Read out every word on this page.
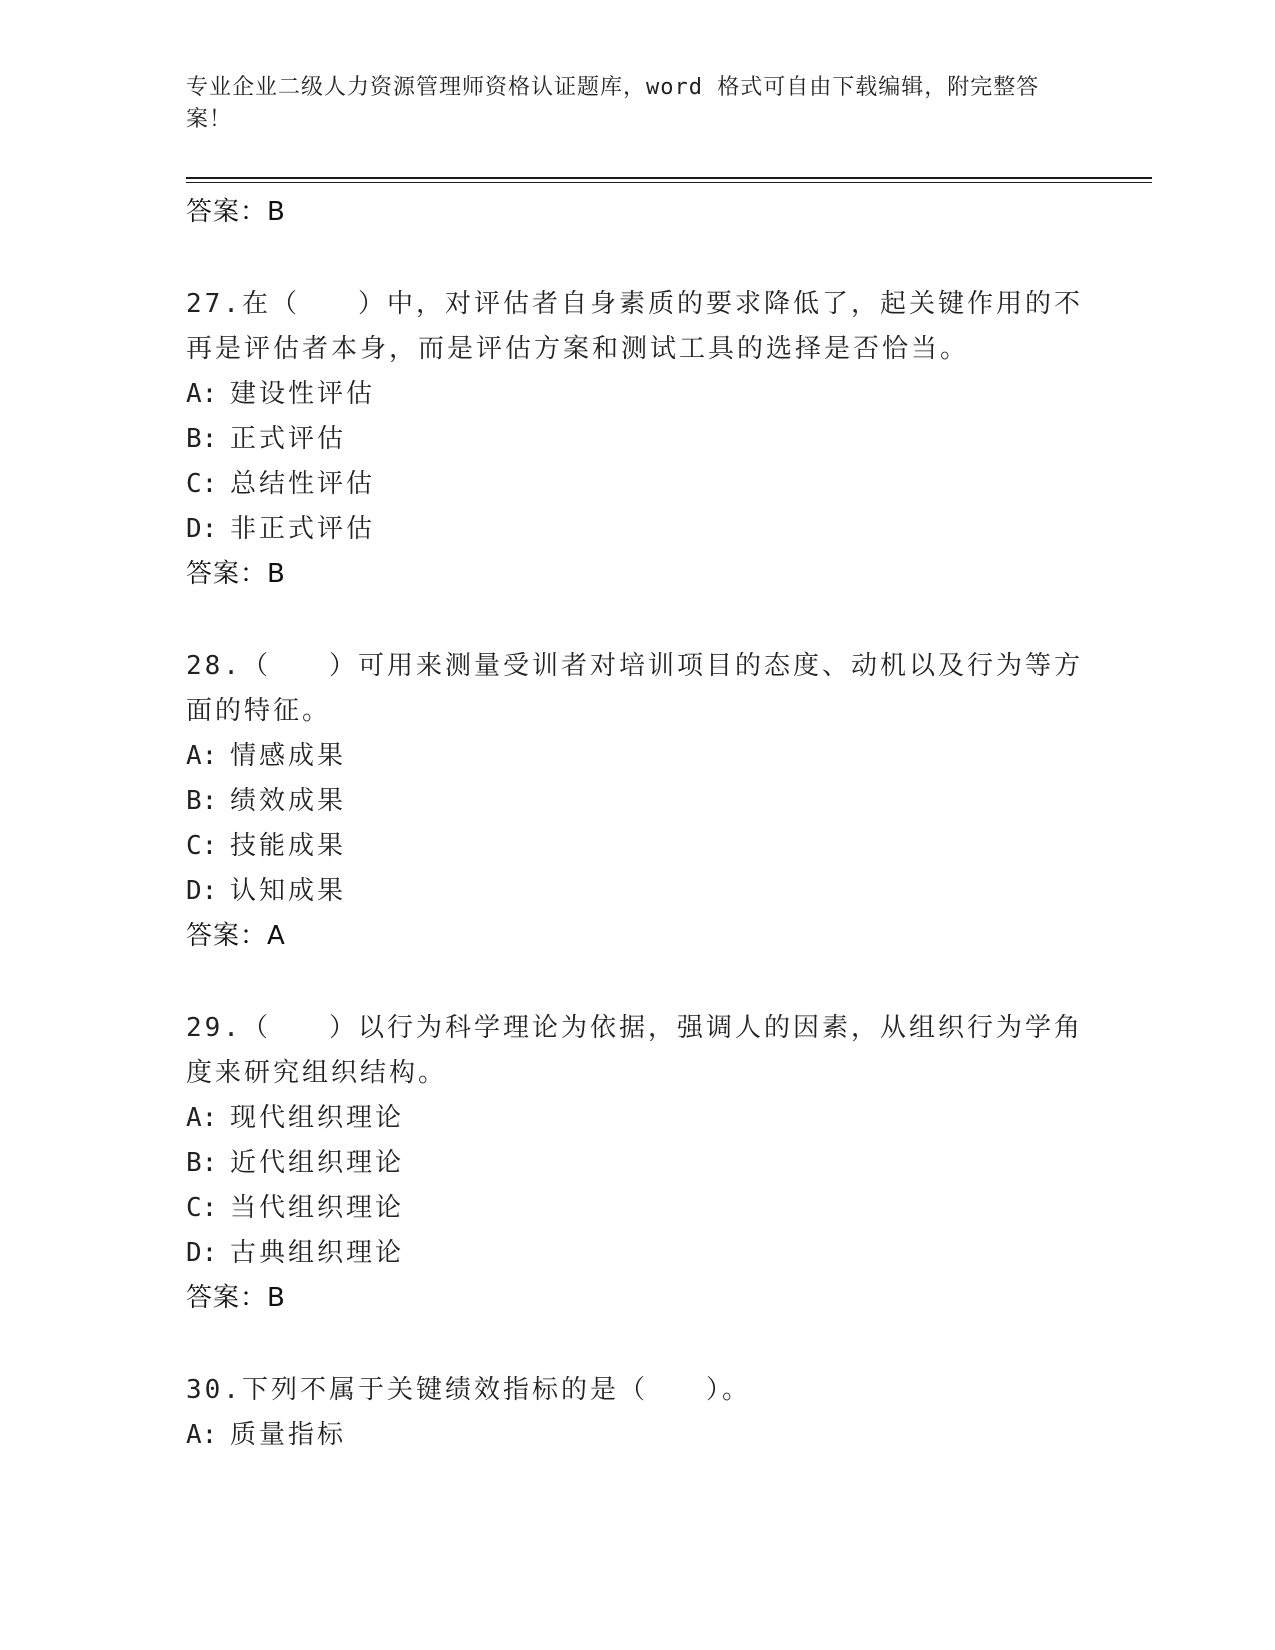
专业企业二级人力资源管理师资格认证题库，word 格式可自由下载编辑，附完整答案！
答案：B
27.在（　　）中，对评估者自身素质的要求降低了，起关键作用的不再是评估者本身，而是评估方案和测试工具的选择是否恰当。
A: 建设性评估
B: 正式评估
C: 总结性评估
D: 非正式评估
答案：B
28.（　　）可用来测量受训者对培训项目的态度、动机以及行为等方面的特征。
A: 情感成果
B: 绩效成果
C: 技能成果
D: 认知成果
答案：A
29.（　　）以行为科学理论为依据，强调人的因素，从组织行为学角度来研究组织结构。
A: 现代组织理论
B: 近代组织理论
C: 当代组织理论
D: 古典组织理论
答案：B
30.下列不属于关键绩效指标的是（　　）。
A: 质量指标
